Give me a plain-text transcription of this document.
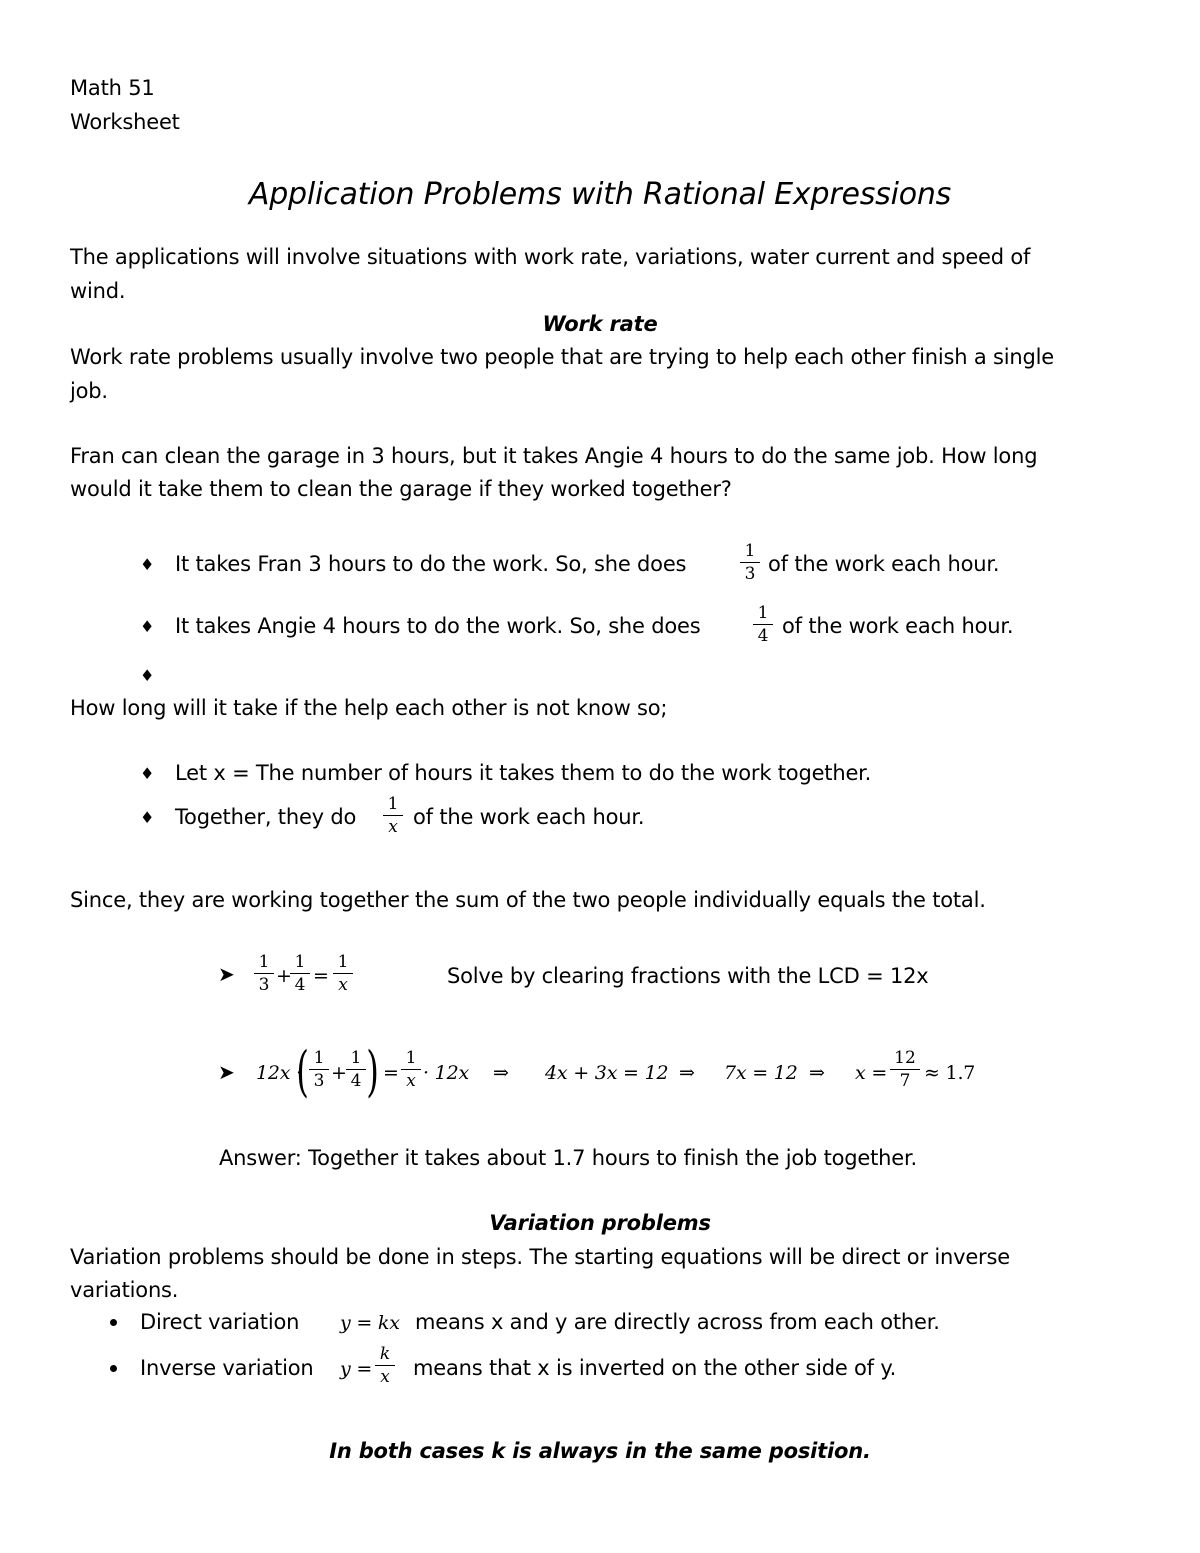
Math 51
Worksheet
Application Problems with Rational Expressions
The applications will involve situations with work rate, variations, water current and speed of
wind.
Work rate
Work rate problems usually involve two people that are trying to help each other finish a single
job.
Fran can clean the garage in 3 hours, but it takes Angie 4 hours to do the same job. How long
would it take them to clean the garage if they worked together?
♦ It takes Fran 3 hours to do the work. So, she does
1
3 of the work each hour.
♦ It takes Angie 4 hours to do the work. So, she does
1
4 of the work each hour.
♦
How long will it take if the help each other is not know so;
♦ Let x = The number of hours it takes them to do the work together.
♦ Together, they do
1
x of the work each hour.
Since, they are working together the sum of the two people individually equals the total.
➤ 1
3 +
1
4 =
1
x	Solve by clearing fractions with the LCD = 12x
➤ 12x ·
( 1
3 +
1
4 ) =
1
x · 12x ⇒ 4x + 3x = 12 ⇒ 7x = 12 ⇒ x =
12
7 ≈ 1.7
Answer: Together it takes about 1.7 hours to finish the job together.
Variation problems
Variation problems should be done in steps. The starting equations will be direct or inverse
variations.
Direct variation y = kx means x and y are directly across from each other.
Inverse variation y =
k
x means that x is inverted on the other side of y.
In both cases k is always in the same position.
